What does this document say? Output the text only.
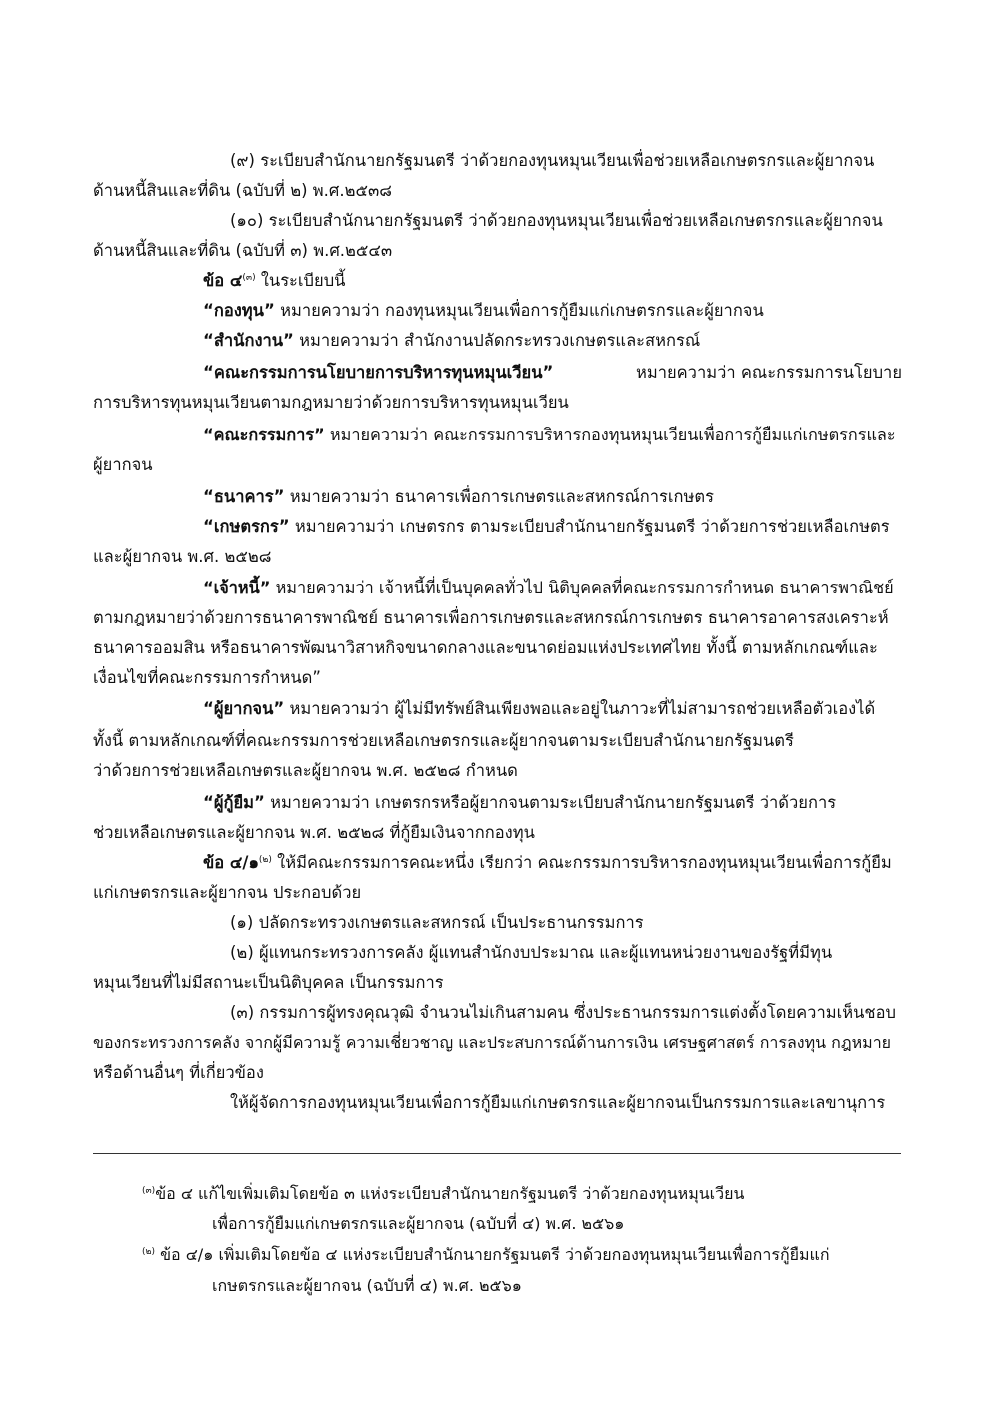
(๙) ระเบียบสำนักนายกรัฐมนตรี ว่าด้วยกองทุนหมุนเวียนเพื่อช่วยเหลือเกษตรกรและผู้ยากจน
ด้านหนี้สินและที่ดิน (ฉบับที่ ๒) พ.ศ.๒๕๓๘
(๑๐) ระเบียบสำนักนายกรัฐมนตรี ว่าด้วยกองทุนหมุนเวียนเพื่อช่วยเหลือเกษตรกรและผู้ยากจน
ด้านหนี้สินและที่ดิน (ฉบับที่ ๓) พ.ศ.๒๕๔๓
ข้อ ๔$^{(๓)}$ ในระเบียบนี้
“กองทุน” หมายความว่า กองทุนหมุนเวียนเพื่อการกู้ยืมแก่เกษตรกรและผู้ยากจน
“สำนักงาน” หมายความว่า สำนักงานปลัดกระทรวงเกษตรและสหกรณ์
“คณะกรรมการนโยบายการบริหารทุนหมุนเวียน”	หมายความว่า คณะกรรมการนโยบาย
การบริหารทุนหมุนเวียนตามกฎหมายว่าด้วยการบริหารทุนหมุนเวียน
“คณะกรรมการ” หมายความว่า คณะกรรมการบริหารกองทุนหมุนเวียนเพื่อการกู้ยืมแก่เกษตรกรและ
ผู้ยากจน
“ธนาคาร” หมายความว่า ธนาคารเพื่อการเกษตรและสหกรณ์การเกษตร
“เกษตรกร” หมายความว่า เกษตรกร ตามระเบียบสำนักนายกรัฐมนตรี ว่าด้วยการช่วยเหลือเกษตร
และผู้ยากจน พ.ศ. ๒๕๒๘
“เจ้าหนี้” หมายความว่า เจ้าหนี้ที่เป็นบุคคลทั่วไป นิติบุคคลที่คณะกรรมการกำหนด ธนาคารพาณิชย์
ตามกฎหมายว่าด้วยการธนาคารพาณิชย์ ธนาคารเพื่อการเกษตรและสหกรณ์การเกษตร ธนาคารอาคารสงเคราะห์
ธนาคารออมสิน หรือธนาคารพัฒนาวิสาหกิจขนาดกลางและขนาดย่อมแห่งประเทศไทย ทั้งนี้ ตามหลักเกณฑ์และ
เงื่อนไขที่คณะกรรมการกำหนด”
“ผู้ยากจน” หมายความว่า ผู้ไม่มีทรัพย์สินเพียงพอและอยู่ในภาวะที่ไม่สามารถช่วยเหลือตัวเองได้
ทั้งนี้ ตามหลักเกณฑ์ที่คณะกรรมการช่วยเหลือเกษตรกรและผู้ยากจนตามระเบียบสำนักนายกรัฐมนตรี
ว่าด้วยการช่วยเหลือเกษตรและผู้ยากจน พ.ศ. ๒๕๒๘ กำหนด
“ผู้กู้ยืม” หมายความว่า เกษตรกรหรือผู้ยากจนตามระเบียบสำนักนายกรัฐมนตรี ว่าด้วยการ
ช่วยเหลือเกษตรและผู้ยากจน พ.ศ. ๒๕๒๘ ที่กู้ยืมเงินจากกองทุน
ข้อ ๔/๑$^{(๒)}$ ให้มีคณะกรรมการคณะหนึ่ง เรียกว่า คณะกรรมการบริหารกองทุนหมุนเวียนเพื่อการกู้ยืม
แก่เกษตรกรและผู้ยากจน ประกอบด้วย
(๑) ปลัดกระทรวงเกษตรและสหกรณ์ เป็นประธานกรรมการ
(๒) ผู้แทนกระทรวงการคลัง ผู้แทนสำนักงบประมาณ และผู้แทนหน่วยงานของรัฐที่มีทุน
หมุนเวียนที่ไม่มีสถานะเป็นนิติบุคคล เป็นกรรมการ
(๓) กรรมการผู้ทรงคุณวุฒิ จำนวนไม่เกินสามคน ซึ่งประธานกรรมการแต่งตั้งโดยความเห็นชอบ
ของกระทรวงการคลัง จากผู้มีความรู้ ความเชี่ยวชาญ และประสบการณ์ด้านการเงิน เศรษฐศาสตร์ การลงทุน กฎหมาย
หรือด้านอื่นๆ ที่เกี่ยวข้อง
ให้ผู้จัดการกองทุนหมุนเวียนเพื่อการกู้ยืมแก่เกษตรกรและผู้ยากจนเป็นกรรมการและเลขานุการ
$^{(๓)}$ข้อ ๔ แก้ไขเพิ่มเติมโดยข้อ ๓ แห่งระเบียบสำนักนายกรัฐมนตรี ว่าด้วยกองทุนหมุนเวียน
เพื่อการกู้ยืมแก่เกษตรกรและผู้ยากจน (ฉบับที่ ๔) พ.ศ. ๒๕๖๑
$^{(๒)}$ ข้อ ๔/๑ เพิ่มเติมโดยข้อ ๔ แห่งระเบียบสำนักนายกรัฐมนตรี ว่าด้วยกองทุนหมุนเวียนเพื่อการกู้ยืมแก่
เกษตรกรและผู้ยากจน (ฉบับที่ ๔) พ.ศ. ๒๕๖๑
